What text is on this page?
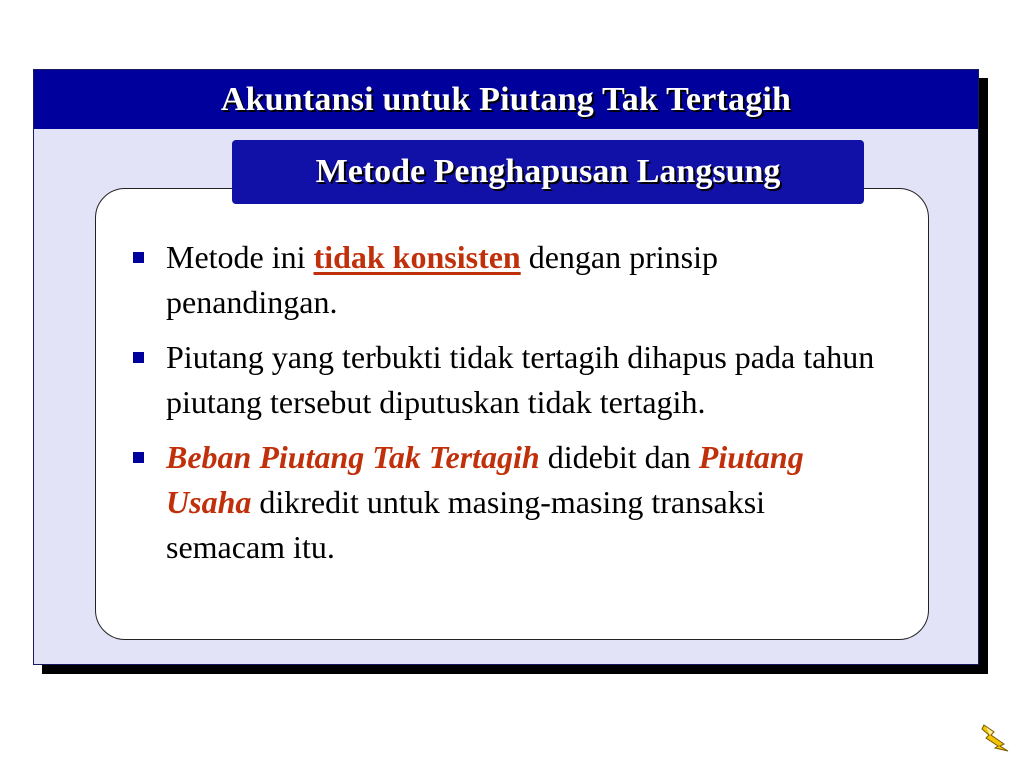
Akuntansi untuk Piutang Tak Tertagih
Metode Penghapusan Langsung
Metode ini tidak konsisten dengan prinsip penandingan.
Piutang yang terbukti tidak tertagih dihapus pada tahun piutang tersebut diputuskan tidak tertagih.
Beban Piutang Tak Tertagih didebit dan Piutang Usaha dikredit untuk masing-masing transaksi semacam itu.
